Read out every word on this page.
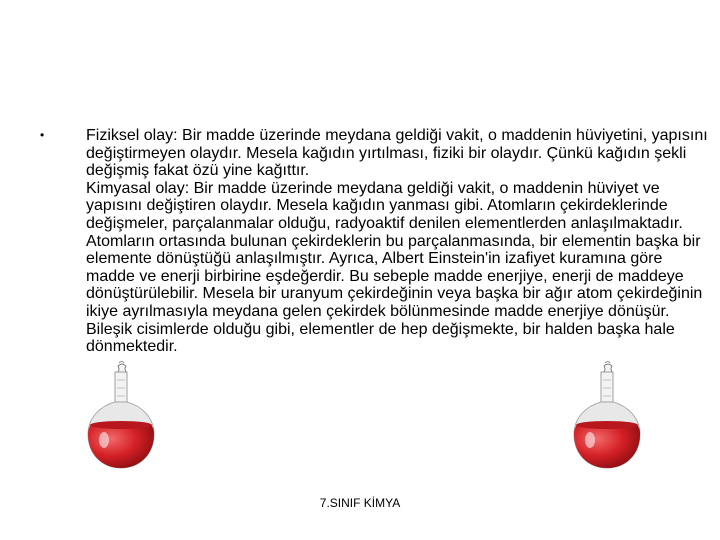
•	Fiziksel olay: Bir madde üzerinde meydana geldiği vakit, o maddenin hüviyetini, yapısını değiştirmeyen olaydır. Mesela kağıdın yırtılması, fiziki bir olaydır. Çünkü kağıdın şekli değişmiş fakat özü yine kağıttır.

Kimyasal olay: Bir madde üzerinde meydana geldiği vakit, o maddenin hüviyet ve yapısını değiştiren olaydır. Mesela kağıdın yanması gibi. Atomların çekirdeklerinde değişmeler, parçalanmalar olduğu, radyoaktif denilen elementlerden anlaşılmaktadır. Atomların ortasında bulunan çekirdeklerin bu parçalanmasında, bir elementin başka bir elemente dönüştüğü anlaşılmıştır. Ayrıca, Albert Einstein'in izafiyet kuramına göre madde ve enerji birbirine eşdeğerdir. Bu sebeple madde enerjiye, enerji de maddeye dönüştürülebilir. Mesela bir uranyum çekirdeğinin veya başka bir ağır atom çekirdeğinin ikiye ayrılmasıyla meydana gelen çekirdek bölünmesinde madde enerjiye dönüşür. Bileşik cisimlerde olduğu gibi, elementler de hep değişmekte, bir halden başka hale dönmektedir.

7.SINIF KİMYA
